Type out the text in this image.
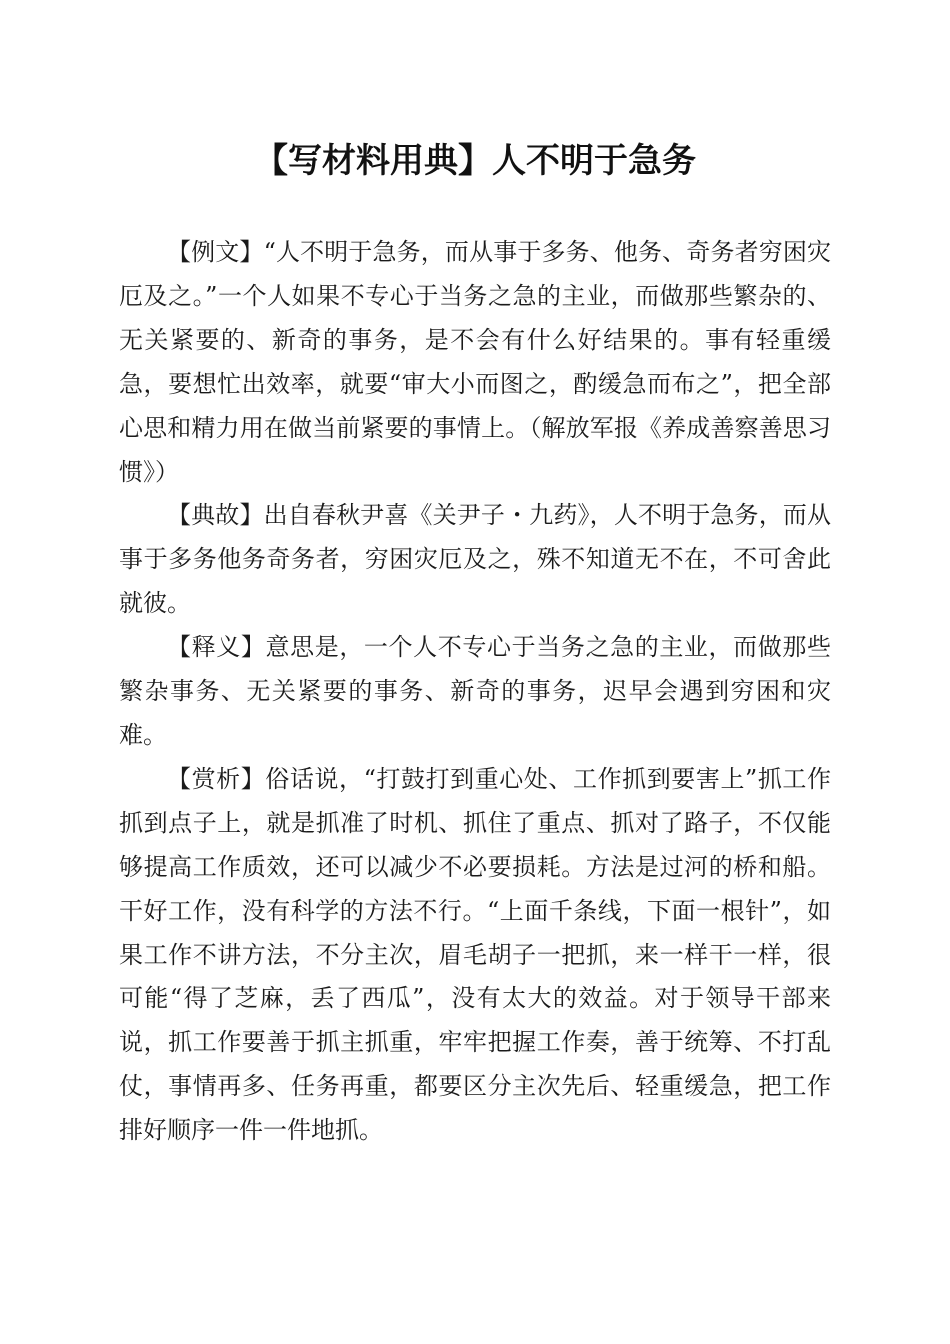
【写材料用典】人不明于急务

【例文】“人不明于急务，而从事于多务、他务、奇务者穷困灾厄及之。”一个人如果不专心于当务之急的主业，而做那些繁杂的、无关紧要的、新奇的事务，是不会有什么好结果的。事有轻重缓急，要想忙出效率，就要“审大小而图之，酌缓急而布之”，把全部心思和精力用在做当前紧要的事情上。（解放军报《养成善察善思习惯》）

【典故】出自春秋尹喜《关尹子・九药》，人不明于急务，而从事于多务他务奇务者，穷困灾厄及之，殊不知道无不在，不可舍此就彼。

【释义】意思是，一个人不专心于当务之急的主业，而做那些繁杂事务、无关紧要的事务、新奇的事务，迟早会遇到穷困和灾难。

【赏析】俗话说，“打鼓打到重心处、工作抓到要害上”抓工作抓到点子上，就是抓准了时机、抓住了重点、抓对了路子，不仅能够提高工作质效，还可以减少不必要损耗。方法是过河的桥和船。干好工作，没有科学的方法不行。“上面千条线，下面一根针”，如果工作不讲方法，不分主次，眉毛胡子一把抓，来一样干一样，很可能“得了芝麻，丢了西瓜”，没有太大的效益。对于领导干部来说，抓工作要善于抓主抓重，牢牢把握工作奏，善于统筹、不打乱仗，事情再多、任务再重，都要区分主次先后、轻重缓急，把工作排好顺序一件一件地抓。
